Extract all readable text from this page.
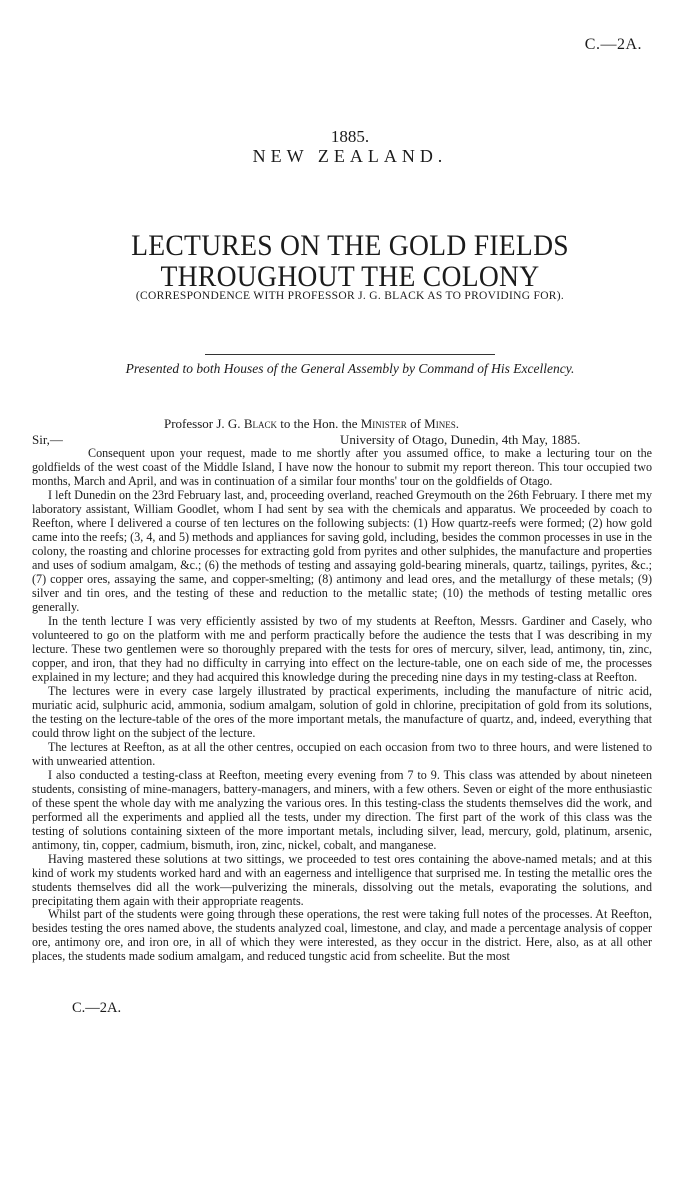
C.—2A.
1885.
NEW ZEALAND.
LECTURES ON THE GOLD FIELDS THROUGHOUT THE COLONY
(CORRESPONDENCE WITH PROFESSOR J. G. BLACK AS TO PROVIDING FOR).
Presented to both Houses of the General Assembly by Command of His Excellency.
Professor J. G. Black to the Hon. the Minister of Mines.
Sir,—	University of Otago, Dunedin, 4th May, 1885.

Consequent upon your request, made to me shortly after you assumed office, to make a lecturing tour on the goldfields of the west coast of the Middle Island, I have now the honour to submit my report thereon. This tour occupied two months, March and April, and was in continuation of a similar four months' tour on the goldfields of Otago.

I left Dunedin on the 23rd February last, and, proceeding overland, reached Greymouth on the 26th February. I there met my laboratory assistant, William Goodlet, whom I had sent by sea with the chemicals and apparatus. We proceeded by coach to Reefton, where I delivered a course of ten lectures on the following subjects: (1) How quartz-reefs were formed; (2) how gold came into the reefs; (3, 4, and 5) methods and appliances for saving gold, including, besides the common processes in use in the colony, the roasting and chlorine processes for extracting gold from pyrites and other sulphides, the manufacture and properties and uses of sodium amalgam, &c.; (6) the methods of testing and assaying gold-bearing minerals, quartz, tailings, pyrites, &c.; (7) copper ores, assaying the same, and copper-smelting; (8) antimony and lead ores, and the metallurgy of these metals; (9) silver and tin ores, and the testing of these and reduction to the metallic state; (10) the methods of testing metallic ores generally.

In the tenth lecture I was very efficiently assisted by two of my students at Reefton, Messrs. Gardiner and Casely, who volunteered to go on the platform with me and perform practically before the audience the tests that I was describing in my lecture. These two gentlemen were so thoroughly prepared with the tests for ores of mercury, silver, lead, antimony, tin, zinc, copper, and iron, that they had no difficulty in carrying into effect on the lecture-table, one on each side of me, the processes explained in my lecture; and they had acquired this knowledge during the preceding nine days in my testing-class at Reefton.

The lectures were in every case largely illustrated by practical experiments, including the manufacture of nitric acid, muriatic acid, sulphuric acid, ammonia, sodium amalgam, solution of gold in chlorine, precipitation of gold from its solutions, the testing on the lecture-table of the ores of the more important metals, the manufacture of quartz, and, indeed, everything that could throw light on the subject of the lecture.

The lectures at Reefton, as at all the other centres, occupied on each occasion from two to three hours, and were listened to with unwearied attention.

I also conducted a testing-class at Reefton, meeting every evening from 7 to 9. This class was attended by about nineteen students, consisting of mine-managers, battery-managers, and miners, with a few others. Seven or eight of the more enthusiastic of these spent the whole day with me analyzing the various ores. In this testing-class the students themselves did the work, and performed all the experiments and applied all the tests, under my direction. The first part of the work of this class was the testing of solutions containing sixteen of the more important metals, including silver, lead, mercury, gold, platinum, arsenic, antimony, tin, copper, cadmium, bismuth, iron, zinc, nickel, cobalt, and manganese.

Having mastered these solutions at two sittings, we proceeded to test ores containing the above-named metals; and at this kind of work my students worked hard and with an eagerness and intelligence that surprised me. In testing the metallic ores the students themselves did all the work—pulverizing the minerals, dissolving out the metals, evaporating the solutions, and precipitating them again with their appropriate reagents.

Whilst part of the students were going through these operations, the rest were taking full notes of the processes. At Reefton, besides testing the ores named above, the students analyzed coal, limestone, and clay, and made a percentage analysis of copper ore, antimony ore, and iron ore, in all of which they were interested, as they occur in the district. Here, also, as at all other places, the students made sodium amalgam, and reduced tungstic acid from scheelite. But the most

C.—2A.
